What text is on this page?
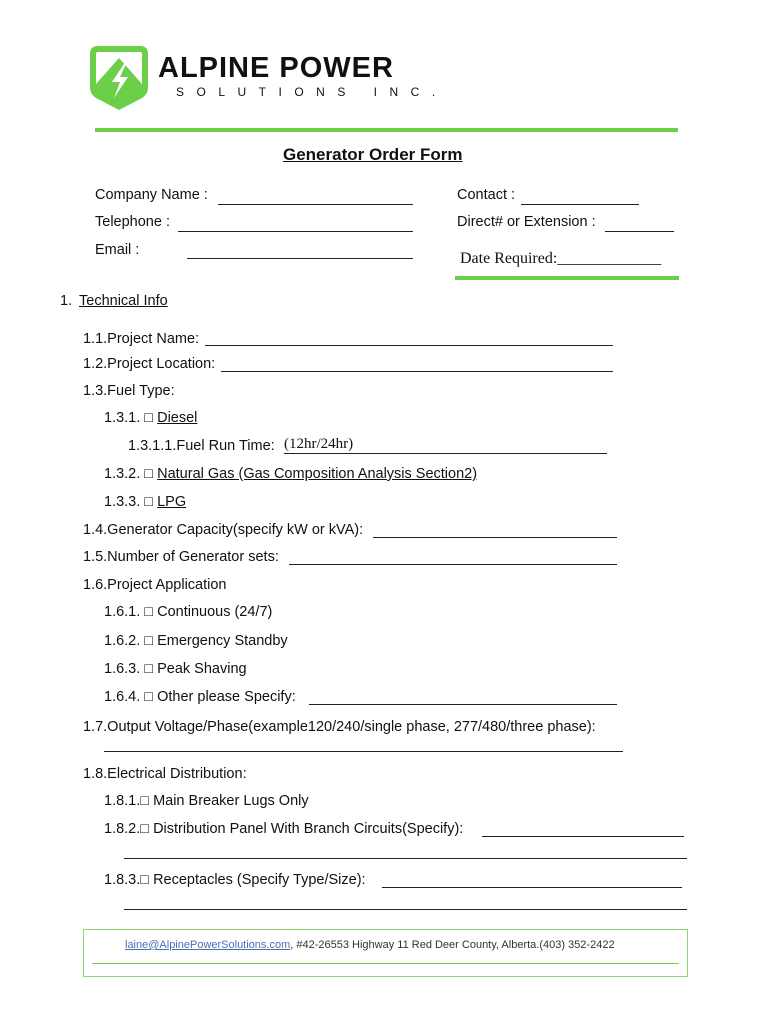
ALPINE POWER
SOLUTIONS INC.
Generator Order Form
Company Name :	Contact :
Telephone :	Direct# or Extension :
Email :	Date Required:_____________
1. Technical Info
1.1.Project Name:
1.2.Project Location:
1.3.Fuel Type:
1.3.1. □ Diesel
1.3.1.1.Fuel Run Time: (12hr/24hr)
1.3.2. □ Natural Gas (Gas Composition Analysis Section2)
1.3.3. □ LPG
1.4.Generator Capacity(specify kW or kVA):
1.5.Number of Generator sets:
1.6.Project Application
1.6.1. □ Continuous (24/7)
1.6.2. □ Emergency Standby
1.6.3. □ Peak Shaving
1.6.4. □ Other please Specify:
1.7.Output Voltage/Phase(example120/240/single phase, 277/480/three phase):
1.8.Electrical Distribution:
1.8.1.□ Main Breaker Lugs Only
1.8.2.□ Distribution Panel With Branch Circuits(Specify):
1.8.3.□ Receptacles (Specify Type/Size):
laine@AlpinePowerSolutions.com, #42-26553 Highway 11 Red Deer County, Alberta.(403) 352-2422
